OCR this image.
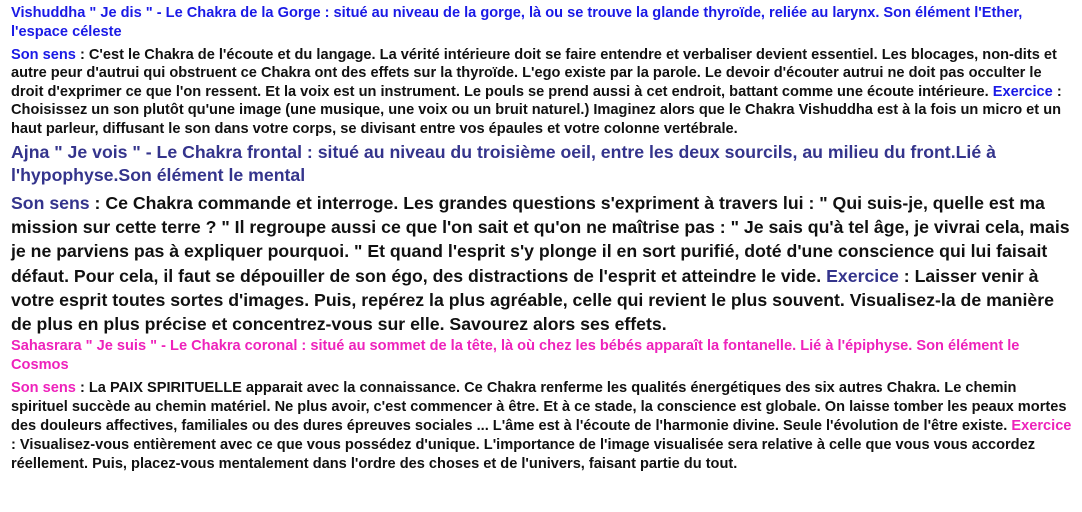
Vishuddha " Je dis " - Le Chakra de la Gorge : situé au niveau de la gorge, là ou se trouve la glande thyroïde, reliée au larynx. Son élément l'Ether, l'espace céleste

Son sens : C'est le Chakra de l'écoute et du langage. La vérité intérieure doit se faire entendre et verbaliser devient essentiel. Les blocages, non-dits et autre peur d'autrui qui obstruent ce Chakra ont des effets sur la thyroïde. L'ego existe par la parole. Le devoir d'écouter autrui ne doit pas occulter le droit d'exprimer ce que l'on ressent. Et la voix est un instrument. Le pouls se prend aussi à cet endroit, battant comme une écoute intérieure. Exercice : Choisissez un son plutôt qu'une image (une musique, une voix ou un bruit naturel.) Imaginez alors que le Chakra Vishuddha est à la fois un micro et un haut parleur, diffusant le son dans votre corps, se divisant entre vos épaules et votre colonne vertébrale.

Ajna " Je vois " - Le Chakra frontal : situé au niveau du troisième oeil, entre les deux sourcils, au milieu du front.Lié à l'hypophyse.Son élément le mental

Son sens : Ce Chakra commande et interroge. Les grandes questions s'expriment à travers lui : " Qui suis-je, quelle est ma mission sur cette terre ? " Il regroupe aussi ce que l'on sait et qu'on ne maîtrise pas : " Je sais qu'à tel âge, je vivrai cela, mais je ne parviens pas à expliquer pourquoi. " Et quand l'esprit s'y plonge il en sort purifié, doté d'une conscience qui lui faisait défaut. Pour cela, il faut se dépouiller de son égo, des distractions de l'esprit et atteindre le vide. Exercice : Laisser venir à votre esprit toutes sortes d'images. Puis, repérez la plus agréable, celle qui revient le plus souvent. Visualisez-la de manière de plus en plus précise et concentrez-vous sur elle. Savourez alors ses effets.

Sahasrara " Je suis " - Le Chakra coronal : situé au sommet de la tête, là où chez les bébés apparaît la fontanelle. Lié à l'épiphyse. Son élément le Cosmos

Son sens : La PAIX SPIRITUELLE apparait avec la connaissance. Ce Chakra renferme les qualités énergétiques des six autres Chakra. Le chemin spirituel succède au chemin matériel. Ne plus avoir, c'est commencer à être. Et à ce stade, la conscience est globale. On laisse tomber les peaux mortes des douleurs affectives, familiales ou des dures épreuves sociales ... L'âme est à l'écoute de l'harmonie divine. Seule l'évolution de l'être existe. Exercice : Visualisez-vous entièrement avec ce que vous possédez d'unique. L'importance de l'image visualisée sera relative à celle que vous vous accordez réellement. Puis, placez-vous mentalement dans l'ordre des choses et de l'univers, faisant partie du tout.
